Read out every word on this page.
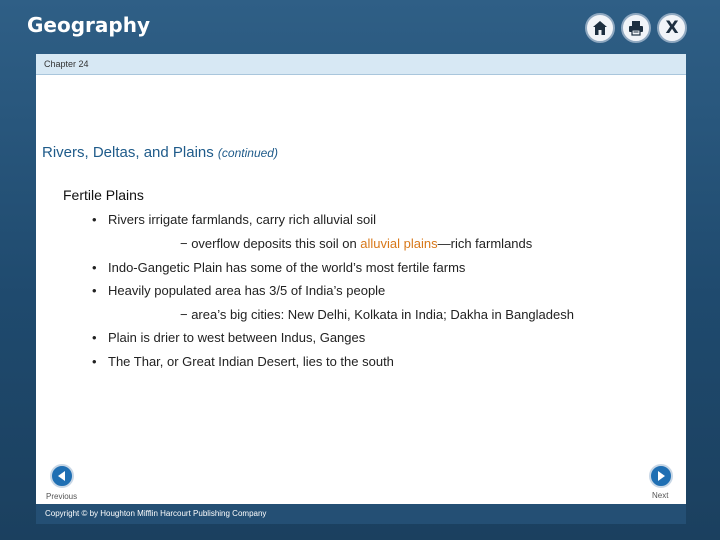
Geography	X
Chapter 24
Rivers, Deltas, and Plains (continued)
Fertile Plains
• Rivers irrigate farmlands, carry rich alluvial soil
− overflow deposits this soil on alluvial plains—rich farmlands
• Indo-Gangetic Plain has some of the world’s most fertile farms
• Heavily populated area has 3/5 of India’s people
− area’s big cities: New Delhi, Kolkata in India; Dakha in Bangladesh
• Plain is drier to west between Indus, Ganges
• The Thar, or Great Indian Desert, lies to the south
Previous	Next
Copyright © by Houghton Mifflin Harcourt Publishing Company
